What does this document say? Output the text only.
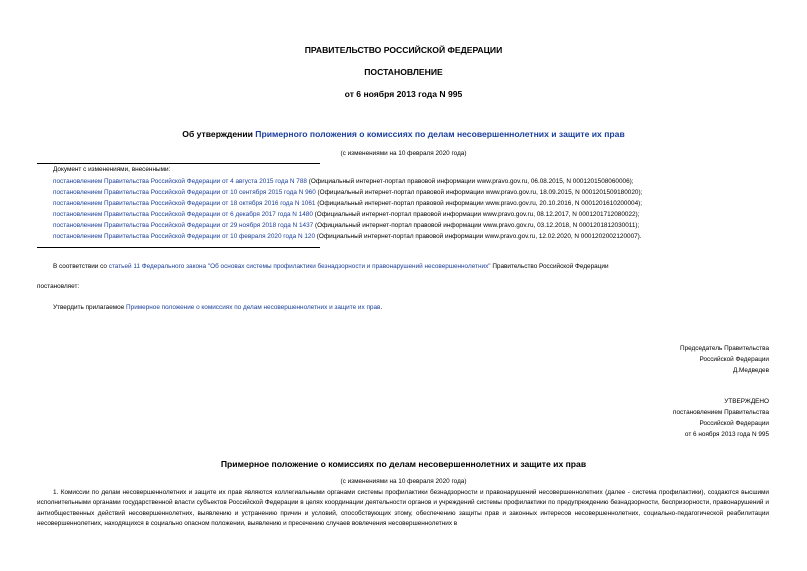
ПРАВИТЕЛЬСТВО РОССИЙСКОЙ ФЕДЕРАЦИИ
ПОСТАНОВЛЕНИЕ
от 6 ноября 2013 года N 995
Об утверждении Примерного положения о комиссиях по делам несовершеннолетних и защите их прав
(с изменениями на 10 февраля 2020 года)
Документ с изменениями, внесенными:
постановлением Правительства Российской Федерации от 4 августа 2015 года N 788 (Официальный интернет-портал правовой информации www.pravo.gov.ru, 06.08.2015, N 0001201508060006);
постановлением Правительства Российской Федерации от 10 сентября 2015 года N 960 (Официальный интернет-портал правовой информации www.pravo.gov.ru, 18.09.2015, N 0001201509180020);
постановлением Правительства Российской Федерации от 18 октября 2016 года N 1061 (Официальный интернет-портал правовой информации www.pravo.gov.ru, 20.10.2016, N 0001201610200004);
постановлением Правительства Российской Федерации от 6 декабря 2017 года N 1480 (Официальный интернет-портал правовой информации www.pravo.gov.ru, 08.12.2017, N 0001201712080022);
постановлением Правительства Российской Федерации от 29 ноября 2018 года N 1437 (Официальный интернет-портал правовой информации www.pravo.gov.ru, 03.12.2018, N 0001201812030011);
постановлением Правительства Российской Федерации от 10 февраля 2020 года N 120 (Официальный интернет-портал правовой информации www.pravo.gov.ru, 12.02.2020, N 0001202002120007).
В соответствии со статьей 11 Федерального закона "Об основах системы профилактики безнадзорности и правонарушений несовершеннолетних" Правительство Российской Федерации
постановляет:
Утвердить прилагаемое Примерное положение о комиссиях по делам несовершеннолетних и защите их прав.
Председатель Правительства
Российской Федерации
Д.Медведев
УТВЕРЖДЕНО
постановлением Правительства
Российской Федерации
от 6 ноября 2013 года N 995
Примерное положение о комиссиях по делам несовершеннолетних и защите их прав
(с изменениями на 10 февраля 2020 года)
1. Комиссии по делам несовершеннолетних и защите их прав являются коллегиальными органами системы профилактики безнадзорности и правонарушений несовершеннолетних (далее - система профилактики), создаются высшими исполнительными органами государственной власти субъектов Российской Федерации в целях координации деятельности органов и учреждений системы профилактики по предупреждению безнадзорности, беспризорности, правонарушений и антиобщественных действий несовершеннолетних, выявлению и устранению причин и условий, способствующих этому, обеспечению защиты прав и законных интересов несовершеннолетних, социально-педагогической реабилитации несовершеннолетних, находящихся в социально опасном положении, выявлению и пресечению случаев вовлечения несовершеннолетних в
